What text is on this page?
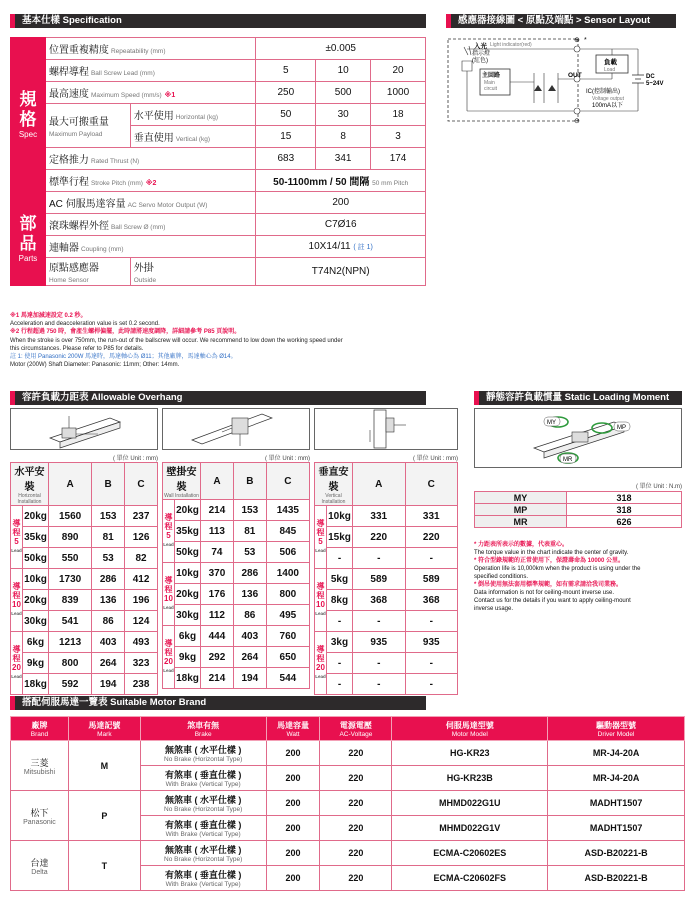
基本仕樣 Specification	感應器接線圖 < 原點及端點 > Sensor Layout
規格
Spec	位置重複精度 Repeatability (mm)		±0.005		
	螺桿導程 Ball Screw Lead (mm)		5	10	20
	最高速度 Maximum Speed (mm/s) ※1		250	500	1000
	最大可搬重量
Maximum Payload	水平使用 Horizontal (kg)	50	30	18
		垂直使用 Vertical (kg)	15	8	3
	定格推力 Rated Thrust (N)		683	341	174
	標準行程 Stroke Pitch (mm) ※2		50-1100mm / 50 間隔 50 mm Pitch		

部品
Parts	AC 伺服馬達容量 AC Servo Motor Output (W)		200		
	滾珠螺桿外徑 Ball Screw Ø (mm)		C7Ø16		
	連軸器 Coupling (mm)		10X14/11 ( 註 1)		
	原點感應器
Home Sensor	外掛
Outside	T74N2(NPN)		
※1 馬達加減速設定 0.2 秒。
Acceleration and deacceleration value is set 0.2 second.
※2 行程超過 750 時，會產生螺桿偏擺，此時請將速度調降，詳細請參考 P85 頁說明。
When the stroke is over 750mm, the run-out of the ballscrew will occur. We recommend to low down the working speed under
this circumstances. Please refer to P85 for details.
註 1: 使用 Panasonic 200W 馬達時，馬達軸心為 Ø11；其他廠牌，馬達軸心為 Ø14。
Motor (200W) Shaft Diameter: Panasonic: 11mm; Other: 14mm.
入光
指示燈
(紅色)
Light indicator(red)
主回路
Main
circuit
⊕ *
OUT
⊖
負載
Load
DC
5~24V
IC(控制輸出)
Voltage output
100mA以下
容許負載力距表 Allowable Overhang	靜態容許負載慣量 Static Loading Moment
( 單位 Unit : mm)	( 單位 Unit : mm)	( 單位 Unit : mm)
水平安裝
Horizontal Installation		A	B	C

導程
5
Lead	20kg	1560	153	237
	35kg	890	81	126
	50kg	550	53	82

導程
10
Lead	10kg	1730	286	412
	20kg	839	136	196
	30kg	541	86	124

導程
20
Lead	6kg	1213	403	493
	9kg	800	264	323
	18kg	592	194	238
壁掛安裝
Wall Installation		A	B	C

導程
5
Lead	20kg	214	153	1435
	35kg	113	81	845
	50kg	74	53	506

導程
10
Lead	10kg	370	286	1400
	20kg	176	136	800
	30kg	112	86	495

導程
20
Lead	6kg	444	403	760
	9kg	292	264	650
	18kg	214	194	544
垂直安裝
Vertical Installation		A	C

導程
5
Lead	10kg	331	331
	15kg	220	220
	-	-	-

導程
10
Lead	5kg	589	589
	8kg	368	368
	-	-	-

導程
20
Lead	3kg	935	935
	-	-	-
	-	-	-
MY
MP
MR
( 單位 Unit : N.m)
MY	318
MP	318
MR	626
* 力距表所表示的數據，代表重心。
The torque value in the chart indicate the center of gravity.
* 符合型錄規範的正常使用下，保證壽命為 10000 公里。
Operation life is 10,000km when the product is using under the
specified conditions.
* 倒吊使用無法套用標準規範，如有需求請洽我司業務。
Data information is not for ceiling-mount inverse use.
Contact us for the details if you want to apply ceiling-mount
inverse usage.
搭配伺服馬達一覽表 Suitable Motor Brand
廠牌
Brand	馬達記號
Mark	煞車有無
Brake	馬達容量
Watt	電源電壓
AC-Voltage	伺服馬達型號
Motor Model	驅動器型號
Driver Model

三菱
Mitsubishi	M	無煞車 ( 水平仕樣 )
No Brake (Horizontal Type)	200	220	HG-KR23	MR-J4-20A
		有煞車 ( 垂直仕樣 )
With Brake (Vertical Type)	200	220	HG-KR23B	MR-J4-20A
松下
Panasonic	P	無煞車 ( 水平仕樣 )
No Brake (Horizontal Type)	200	220	MHMD022G1U	MADHT1507
		有煞車 ( 垂直仕樣 )
With Brake (Vertical Type)	200	220	MHMD022G1V	MADHT1507
台達
Delta	T	無煞車 ( 水平仕樣 )
No Brake (Horizontal Type)	200	220	ECMA-C20602ES	ASD-B20221-B
		有煞車 ( 垂直仕樣 )
With Brake (Vertical Type)	200	220	ECMA-C20602FS	ASD-B20221-B
